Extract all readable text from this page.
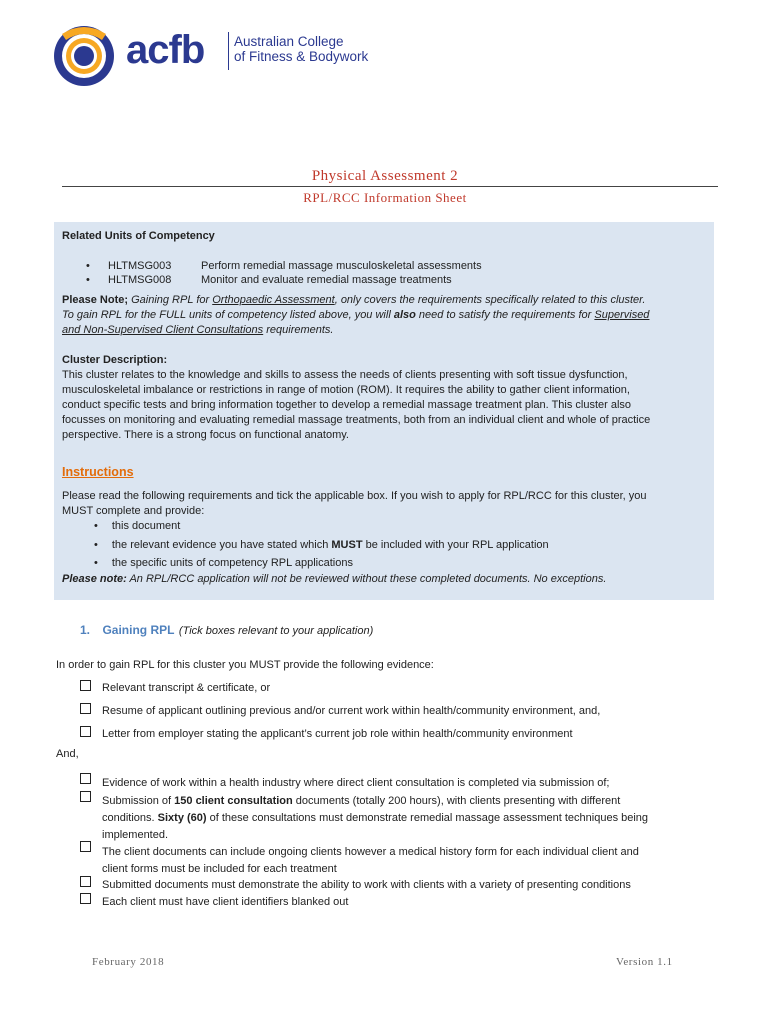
acfb Australian College
of Fitness & Bodywork
Physical Assessment 2
RPL/RCC Information Sheet
Related Units of Competency
• HLTMSG003	Perform remedial massage musculoskeletal assessments
• HLTMSG008	Monitor and evaluate remedial massage treatments
Please Note; Gaining RPL for Orthopaedic Assessment, only covers the requirements specifically related to this cluster.
To gain RPL for the FULL units of competency listed above, you will also need to satisfy the requirements for Supervised
and Non-Supervised Client Consultations requirements.
Cluster Description:
This cluster relates to the knowledge and skills to assess the needs of clients presenting with soft tissue dysfunction,
musculoskeletal imbalance or restrictions in range of motion (ROM). It requires the ability to gather client information,
conduct specific tests and bring information together to develop a remedial massage treatment plan. This cluster also
focusses on monitoring and evaluating remedial massage treatments, both from an individual client and whole of practice
perspective. There is a strong focus on functional anatomy.
Instructions
Please read the following requirements and tick the applicable box. If you wish to apply for RPL/RCC for this cluster, you
MUST complete and provide:
• this document
• the relevant evidence you have stated which MUST be included with your RPL application
• the specific units of competency RPL applications
Please note: An RPL/RCC application will not be reviewed without these completed documents. No exceptions.
1. Gaining RPL (Tick boxes relevant to your application)
In order to gain RPL for this cluster you MUST provide the following evidence:
Relevant transcript & certificate, or
Resume of applicant outlining previous and/or current work within health/community environment, and,
Letter from employer stating the applicant’s current job role within health/community environment
And,
Evidence of work within a health industry where direct client consultation is completed via submission of;
Submission of 150 client consultation documents (totally 200 hours), with clients presenting with different
conditions. Sixty (60) of these consultations must demonstrate remedial massage assessment techniques being
implemented.
The client documents can include ongoing clients however a medical history form for each individual client and
client forms must be included for each treatment
Submitted documents must demonstrate the ability to work with clients with a variety of presenting conditions
Each client must have client identifiers blanked out
February 2018	Version 1.1
